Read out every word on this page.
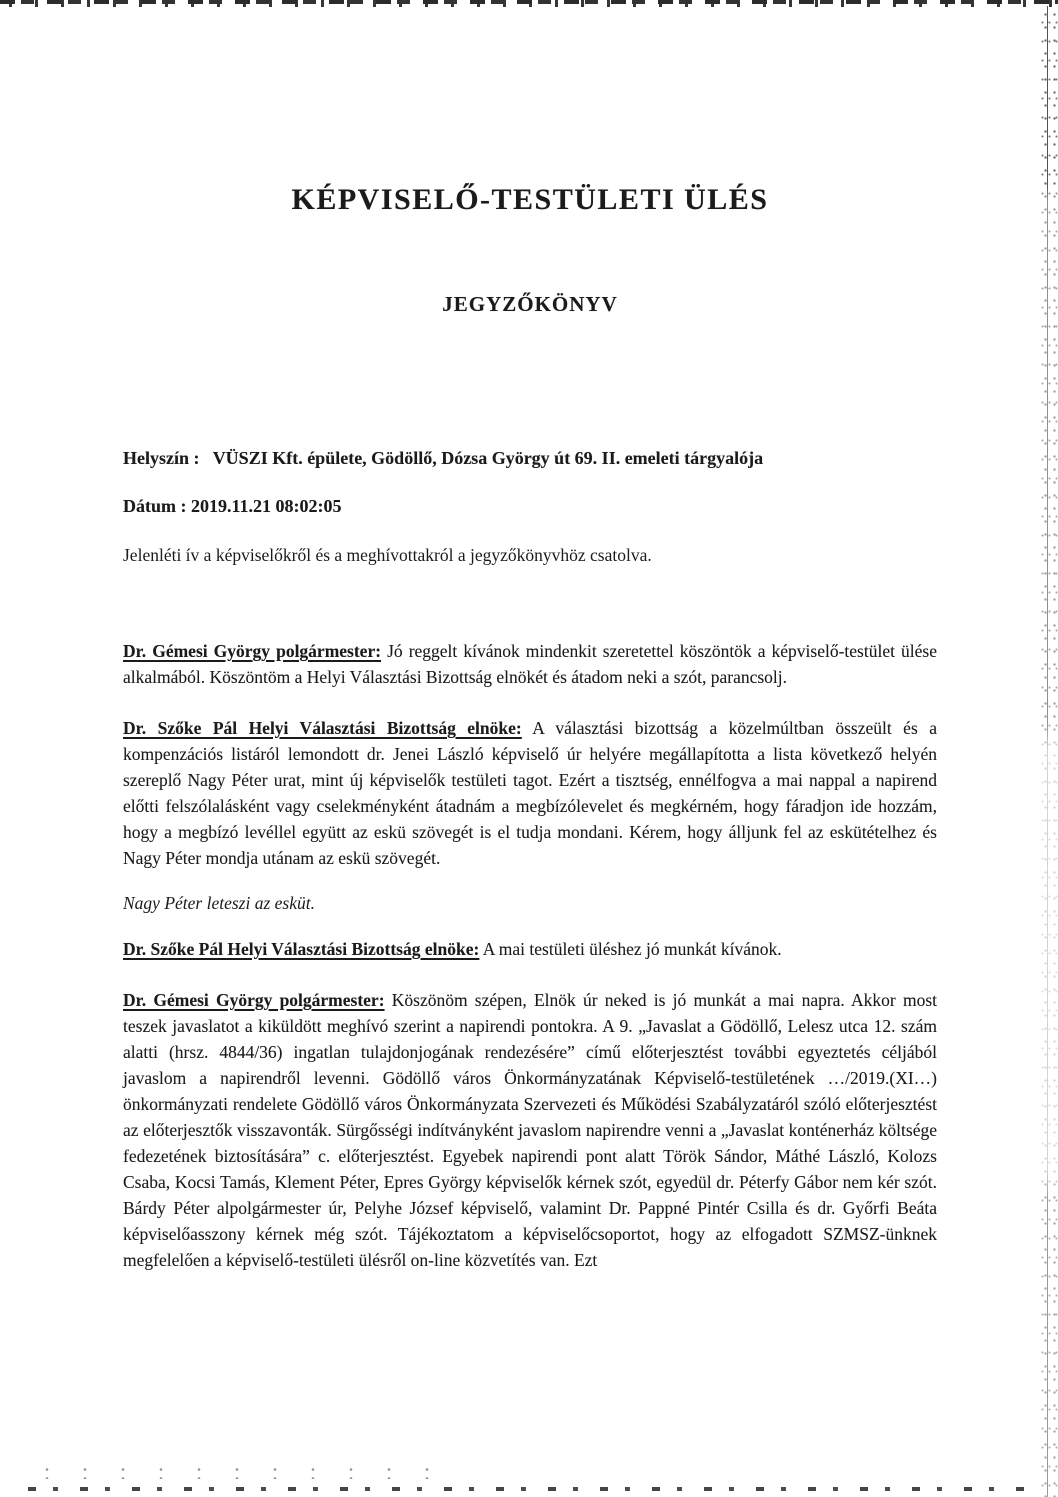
KÉPVISELŐ-TESTÜLETI ÜLÉS
JEGYZŐKÖNYV
Helyszín : VÜSZI Kft. épülete, Gödöllő, Dózsa György út 69. II. emeleti tárgyalója
Dátum : 2019.11.21 08:02:05
Jelenléti ív a képviselőkről és a meghívottakról a jegyzőkönyvhöz csatolva.

Dr. Gémesi György polgármester: Jó reggelt kívánok mindenkit szeretettel köszöntök a képviselő-testület ülése alkalmából. Köszöntöm a Helyi Választási Bizottság elnökét és átadom neki a szót, parancsolj.

Dr. Szőke Pál Helyi Választási Bizottság elnöke: A választási bizottság a közelmúltban összeült és a kompenzációs listáról lemondott dr. Jenei László képviselő úr helyére megállapította a lista következő helyén szereplő Nagy Péter urat, mint új képviselők testületi tagot. Ezért a tisztség, ennélfogva a mai nappal a napirend előtti felszólalásként vagy cselekményként átadnám a megbízólevelet és megkérném, hogy fáradjon ide hozzám, hogy a megbízó levéllel együtt az eskü szövegét is el tudja mondani. Kérem, hogy álljunk fel az eskütételhez és Nagy Péter mondja utánam az eskü szövegét.

Nagy Péter leteszi az esküt.

Dr. Szőke Pál Helyi Választási Bizottság elnöke: A mai testületi üléshez jó munkát kívánok.

Dr. Gémesi György polgármester: Köszönöm szépen, Elnök úr neked is jó munkát a mai napra. Akkor most teszek javaslatot a kiküldött meghívó szerint a napirendi pontokra. A 9. „Javaslat a Gödöllő, Lelesz utca 12. szám alatti (hrsz. 4844/36) ingatlan tulajdonjogának rendezésére” című előterjesztést további egyeztetés céljából javaslom a napirendről levenni. Gödöllő város Önkormányzatának Képviselő-testületének …/2019.(XI…) önkormányzati rendelete Gödöllő város Önkormányzata Szervezeti és Működési Szabályzatáról szóló előterjesztést az előterjesztők visszavonták. Sürgősségi indítványként javaslom napirendre venni a „Javaslat konténerház költsége fedezetének biztosítására” c. előterjesztést. Egyebek napirendi pont alatt Török Sándor, Máthé László, Kolozs Csaba, Kocsi Tamás, Klement Péter, Epres György képviselők kérnek szót, egyedül dr. Péterfy Gábor nem kér szót. Bárdy Péter alpolgármester úr, Pelyhe József képviselő, valamint Dr. Pappné Pintér Csilla és dr. Győrfi Beáta képviselőasszony kérnek még szót. Tájékoztatom a képviselőcsoportot, hogy az elfogadott SZMSZ-ünknek megfelelően a képviselő-testületi ülésről on-line közvetítés van. Ezt
